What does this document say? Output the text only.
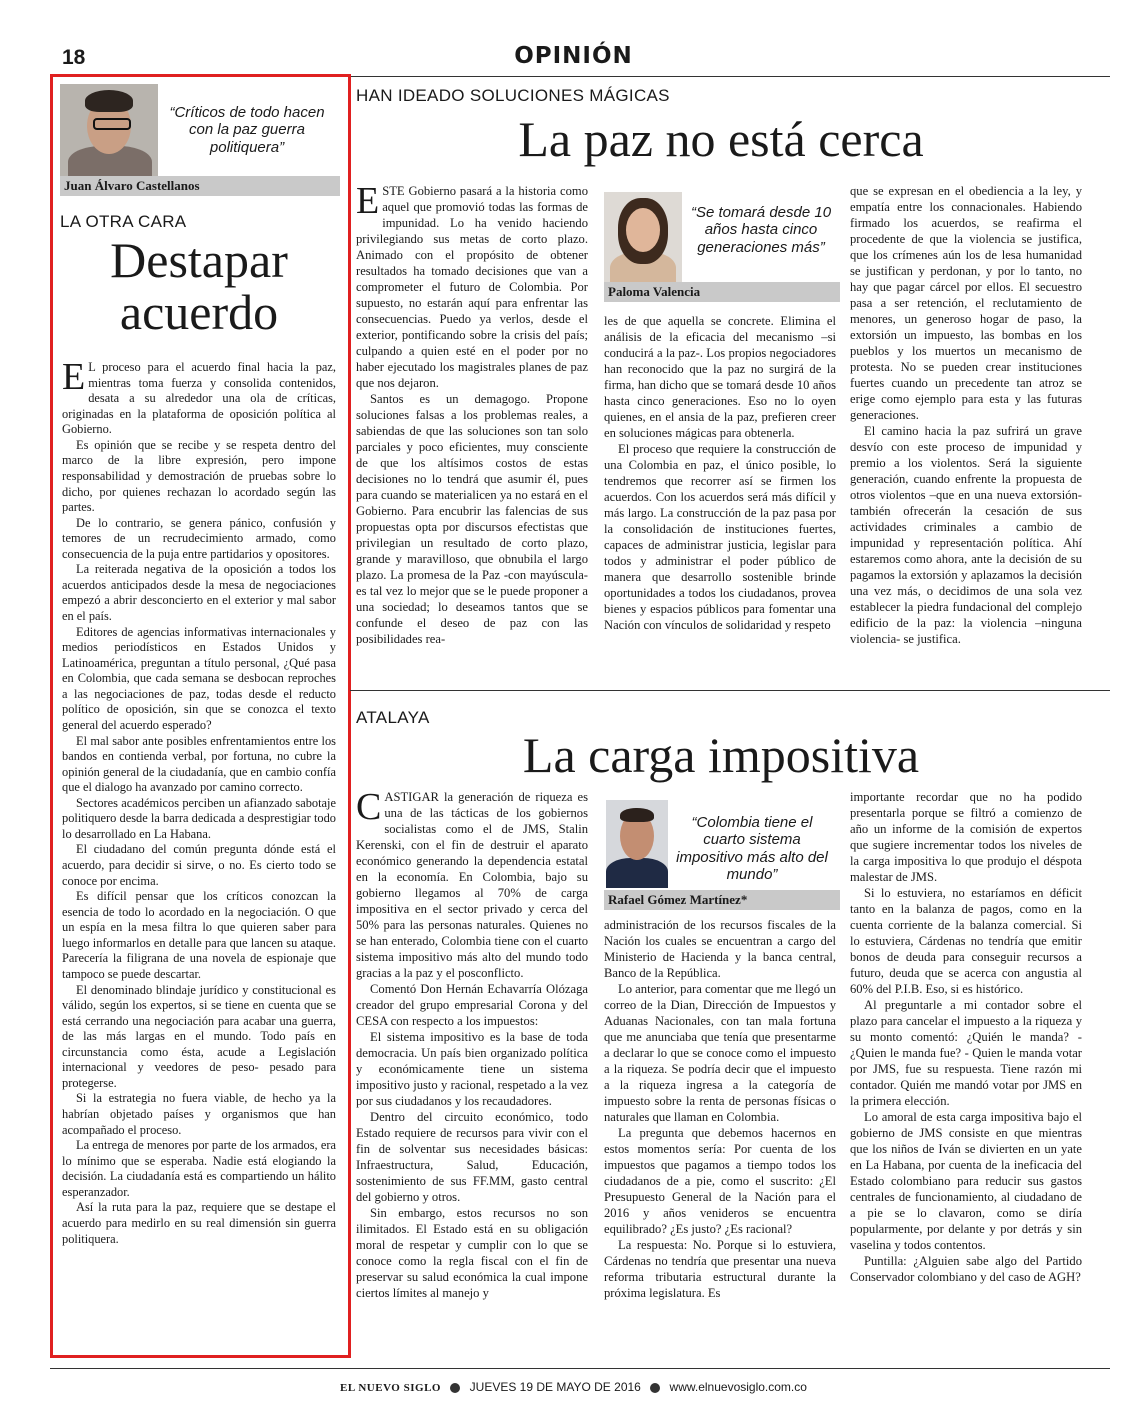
18	OPINIÓN
“Críticos de todo hacen con la paz guerra politiquera”
Juan Álvaro Castellanos
LA OTRA CARA
Destapar
acuerdo
E L proceso para el acuerdo final hacia la paz, mientras toma fuerza y consolida contenidos, desata a su alrededor una ola de críticas, originadas en la plataforma de oposición política al Gobierno.

Es opinión que se recibe y se respeta dentro del marco de la libre expresión, pero impone responsabilidad y demostración de pruebas sobre lo dicho, por quienes rechazan lo acordado según las partes.

De lo contrario, se genera pánico, confusión y temores de un recrudecimiento armado, como consecuencia de la puja entre partidarios y opositores.

La reiterada negativa de la oposición a todos los acuerdos anticipados desde la mesa de negociaciones empezó a abrir desconcierto en el exterior y mal sabor en el país.

Editores de agencias informativas internacionales y medios periodísticos en Estados Unidos y Latinoamérica, preguntan a título personal, ¿Qué pasa en Colombia, que cada semana se desbocan reproches a las negociaciones de paz, todas desde el reducto político de oposición, sin que se conozca el texto general del acuerdo esperado?

El mal sabor ante posibles enfrentamientos entre los bandos en contienda verbal, por fortuna, no cubre la opinión general de la ciudadanía, que en cambio confía que el dialogo ha avanzado por camino correcto.

Sectores académicos perciben un afianzado sabotaje politiquero desde la barra dedicada a desprestigiar todo lo desarrollado en La Habana.

El ciudadano del común pregunta dónde está el acuerdo, para decidir si sirve, o no. Es cierto todo se conoce por encima.

Es difícil pensar que los críticos conozcan la esencia de todo lo acordado en la negociación. O que un espía en la mesa filtra lo que quieren saber para luego informarlos en detalle para que lancen su ataque. Parecería la filigrana de una novela de espionaje que tampoco se puede descartar.

El denominado blindaje jurídico y constitucional es válido, según los expertos, si se tiene en cuenta que se está cerrando una negociación para acabar una guerra, de las más largas en el mundo. Todo país en circunstancia como ésta, acude a Legislación internacional y veedores de peso- pesado para protegerse.

Si la estrategia no fuera viable, de hecho ya la habrían objetado países y organismos que han acompañado el proceso.

La entrega de menores por parte de los armados, era lo mínimo que se esperaba. Nadie está elogiando la decisión. La ciudadanía está es compartiendo un hálito esperanzador.

Así la ruta para la paz, requiere que se destape el acuerdo para medirlo en su real dimensión sin guerra politiquera.

HAN IDEADO SOLUCIONES MÁGICAS
La paz no está cerca
E STE Gobierno pasará a la historia como aquel que promovió todas las formas de impunidad. Lo ha venido haciendo privilegiando sus metas de corto plazo. Animado con el propósito de obtener resultados ha tomado decisiones que van a comprometer el futuro de Colombia. Por supuesto, no estarán aquí para enfrentar las consecuencias. Puedo ya verlos, desde el exterior, pontificando sobre la crisis del país; culpando a quien esté en el poder por no haber ejecutado los magistrales planes de paz que nos dejaron.

Santos es un demagogo. Propone soluciones falsas a los problemas reales, a sabiendas de que las soluciones son tan solo parciales y poco eficientes, muy consciente de que los altísimos costos de estas decisiones no lo tendrá que asumir él, pues para cuando se materialicen ya no estará en el Gobierno. Para encubrir las falencias de sus propuestas opta por discursos efectistas que privilegian un resultado de corto plazo, grande y maravilloso, que obnubila el largo plazo. La promesa de la Paz -con mayúscula- es tal vez lo mejor que se le puede proponer a una sociedad; lo deseamos tantos que se confunde el deseo de paz con las posibilidades rea-

“Se tomará desde 10 años hasta cinco generaciones más”
Paloma Valencia

les de que aquella se concrete. Elimina el análisis de la eficacia del mecanismo –si conducirá a la paz-. Los propios negociadores han reconocido que la paz no surgirá de la firma, han dicho que se tomará desde 10 años hasta cinco generaciones. Eso no lo oyen quienes, en el ansia de la paz, prefieren creer en soluciones mágicas para obtenerla.

El proceso que requiere la construcción de una Colombia en paz, el único posible, lo tendremos que recorrer así se firmen los acuerdos. Con los acuerdos será más difícil y más largo. La construcción de la paz pasa por la consolidación de instituciones fuertes, capaces de administrar justicia, legislar para todos y administrar el poder público de manera que desarrollo sostenible brinde oportunidades a todos los ciudadanos, provea bienes y espacios públicos para fomentar una Nación con vínculos de solidaridad y respeto

que se expresan en el obediencia a la ley, y empatía entre los connacionales. Habiendo firmado los acuerdos, se reafirma el procedente de que la violencia se justifica, que los crímenes aún los de lesa humanidad se justifican y perdonan, y por lo tanto, no hay que pagar cárcel por ellos. El secuestro pasa a ser retención, el reclutamiento de menores, un generoso hogar de paso, la extorsión un impuesto, las bombas en los pueblos y los muertos un mecanismo de protesta. No se pueden crear instituciones fuertes cuando un precedente tan atroz se erige como ejemplo para esta y las futuras generaciones.

El camino hacia la paz sufrirá un grave desvío con este proceso de impunidad y premio a los violentos. Será la siguiente generación, cuando enfrente la propuesta de otros violentos –que en una nueva extorsión- también ofrecerán la cesación de sus actividades criminales a cambio de impunidad y representación política. Ahí estaremos como ahora, ante la decisión de su pagamos la extorsión y aplazamos la decisión una vez más, o decidimos de una sola vez establecer la piedra fundacional del complejo edificio de la paz: la violencia –ninguna violencia- se justifica.

ATALAYA
La carga impositiva
C ASTIGAR la generación de riqueza es una de las tácticas de los gobiernos socialistas como el de JMS, Stalin Kerenski, con el fin de destruir el aparato económico generando la dependencia estatal en la economía. En Colombia, bajo su gobierno llegamos al 70% de carga impositiva en el sector privado y cerca del 50% para las personas naturales. Quienes no se han enterado, Colombia tiene con el cuarto sistema impositivo más alto del mundo todo gracias a la paz y el posconflicto.

Comentó Don Hernán Echavarría Olózaga creador del grupo empresarial Corona y del CESA con respecto a los impuestos:

El sistema impositivo es la base de toda democracia. Un país bien organizado política y económicamente tiene un sistema impositivo justo y racional, respetado a la vez por sus ciudadanos y los recaudadores.

Dentro del circuito económico, todo Estado requiere de recursos para vivir con el fin de solventar sus necesidades básicas: Infraestructura, Salud, Educación, sostenimiento de sus FF.MM, gasto central del gobierno y otros.

Sin embargo, estos recursos no son ilimitados. El Estado está en su obligación moral de respetar y cumplir con lo que se conoce como la regla fiscal con el fin de preservar su salud económica la cual impone ciertos límites al manejo y

“Colombia tiene el cuarto sistema impositivo más alto del mundo”
Rafael Gómez Martínez*

administración de los recursos fiscales de la Nación los cuales se encuentran a cargo del Ministerio de Hacienda y la banca central, Banco de la República.

Lo anterior, para comentar que me llegó un correo de la Dian, Dirección de Impuestos y Aduanas Nacionales, con tan mala fortuna que me anunciaba que tenía que presentarme a declarar lo que se conoce como el impuesto a la riqueza. Se podría decir que el impuesto a la riqueza ingresa a la categoría de impuesto sobre la renta de personas físicas o naturales que llaman en Colombia.

La pregunta que debemos hacernos en estos momentos sería: Por cuenta de los impuestos que pagamos a tiempo todos los ciudadanos de a pie, como el suscrito: ¿El Presupuesto General de la Nación para el 2016 y años venideros se encuentra equilibrado? ¿Es justo? ¿Es racional?

La respuesta: No. Porque si lo estuviera, Cárdenas no tendría que presentar una nueva reforma tributaria estructural durante la próxima legislatura. Es

importante recordar que no ha podido presentarla porque se filtró a comienzo de año un informe de la comisión de expertos que sugiere incrementar todos los niveles de la carga impositiva lo que produjo el déspota malestar de JMS.

Si lo estuviera, no estaríamos en déficit tanto en la balanza de pagos, como en la cuenta corriente de la balanza comercial. Si lo estuviera, Cárdenas no tendría que emitir bonos de deuda para conseguir recursos a futuro, deuda que se acerca con angustia al 60% del P.I.B. Eso, si es histórico.

Al preguntarle a mi contador sobre el plazo para cancelar el impuesto a la riqueza y su monto comentó: ¿Quién le manda? - ¿Quien le manda fue? - Quien le manda votar por JMS, fue su respuesta. Tiene razón mi contador. Quién me mandó votar por JMS en la primera elección.

Lo amoral de esta carga impositiva bajo el gobierno de JMS consiste en que mientras que los niños de Iván se divierten en un yate en La Habana, por cuenta de la ineficacia del Estado colombiano para reducir sus gastos centrales de funcionamiento, al ciudadano de a pie se lo clavaron, como se diría popularmente, por delante y por detrás y sin vaselina y todos contentos.

Puntilla: ¿Alguien sabe algo del Partido Conservador colombiano y del caso de AGH?

EL NUEVO SIGLO JUEVES 19 DE MAYO DE 2016 www.elnuevosiglo.com.co
